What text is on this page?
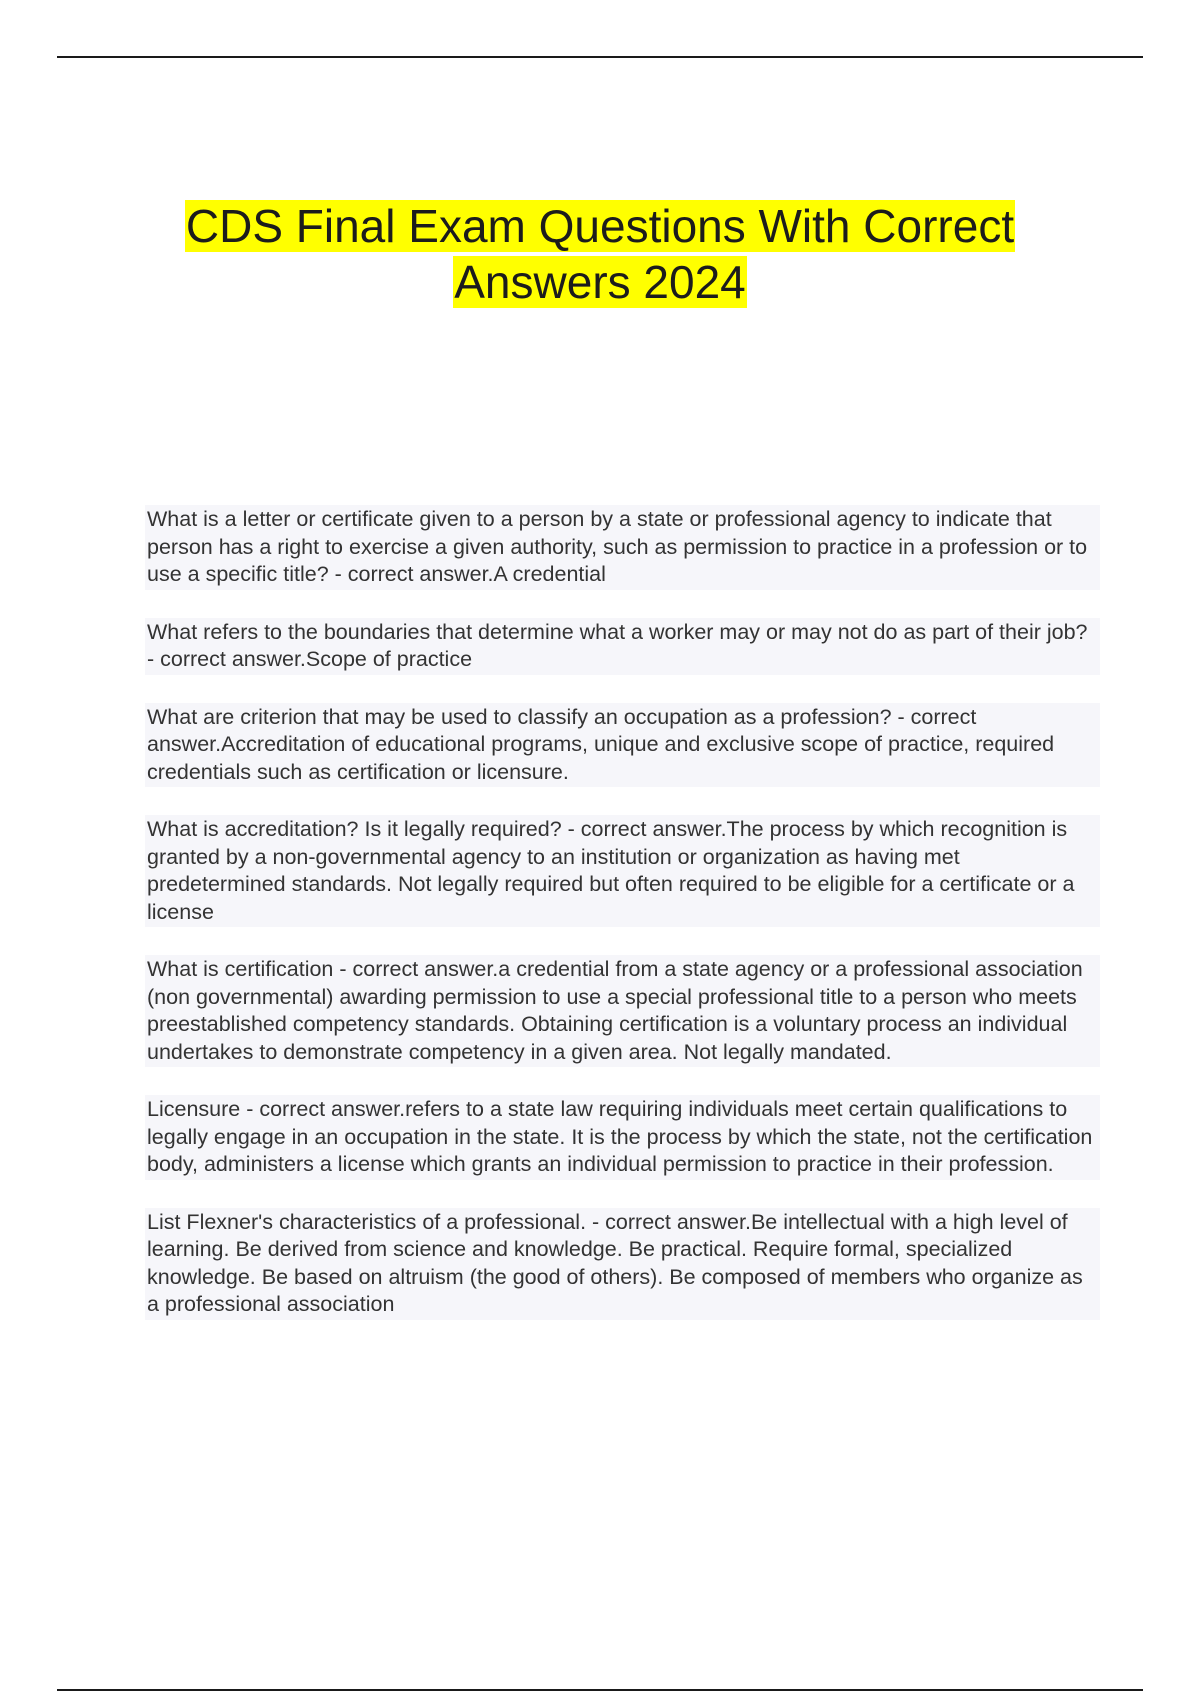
CDS Final Exam Questions With Correct
Answers 2024

What is a letter or certificate given to a person by a state or professional agency to indicate that person has a right to exercise a given authority, such as permission to practice in a profession or to use a specific title? - correct answer.A credential

What refers to the boundaries that determine what a worker may or may not do as part of their job? - correct answer.Scope of practice

What are criterion that may be used to classify an occupation as a profession? - correct answer.Accreditation of educational programs, unique and exclusive scope of practice, required credentials such as certification or licensure.

What is accreditation? Is it legally required? - correct answer.The process by which recognition is granted by a non-governmental agency to an institution or organization as having met predetermined standards. Not legally required but often required to be eligible for a certificate or a license

What is certification - correct answer.a credential from a state agency or a professional association (non governmental) awarding permission to use a special professional title to a person who meets preestablished competency standards. Obtaining certification is a voluntary process an individual undertakes to demonstrate competency in a given area. Not legally mandated.

Licensure - correct answer.refers to a state law requiring individuals meet certain qualifications to legally engage in an occupation in the state. It is the process by which the state, not the certification body, administers a license which grants an individual permission to practice in their profession.

List Flexner's characteristics of a professional. - correct answer.Be intellectual with a high level of learning. Be derived from science and knowledge. Be practical. Require formal, specialized knowledge. Be based on altruism (the good of others). Be composed of members who organize as a professional association
